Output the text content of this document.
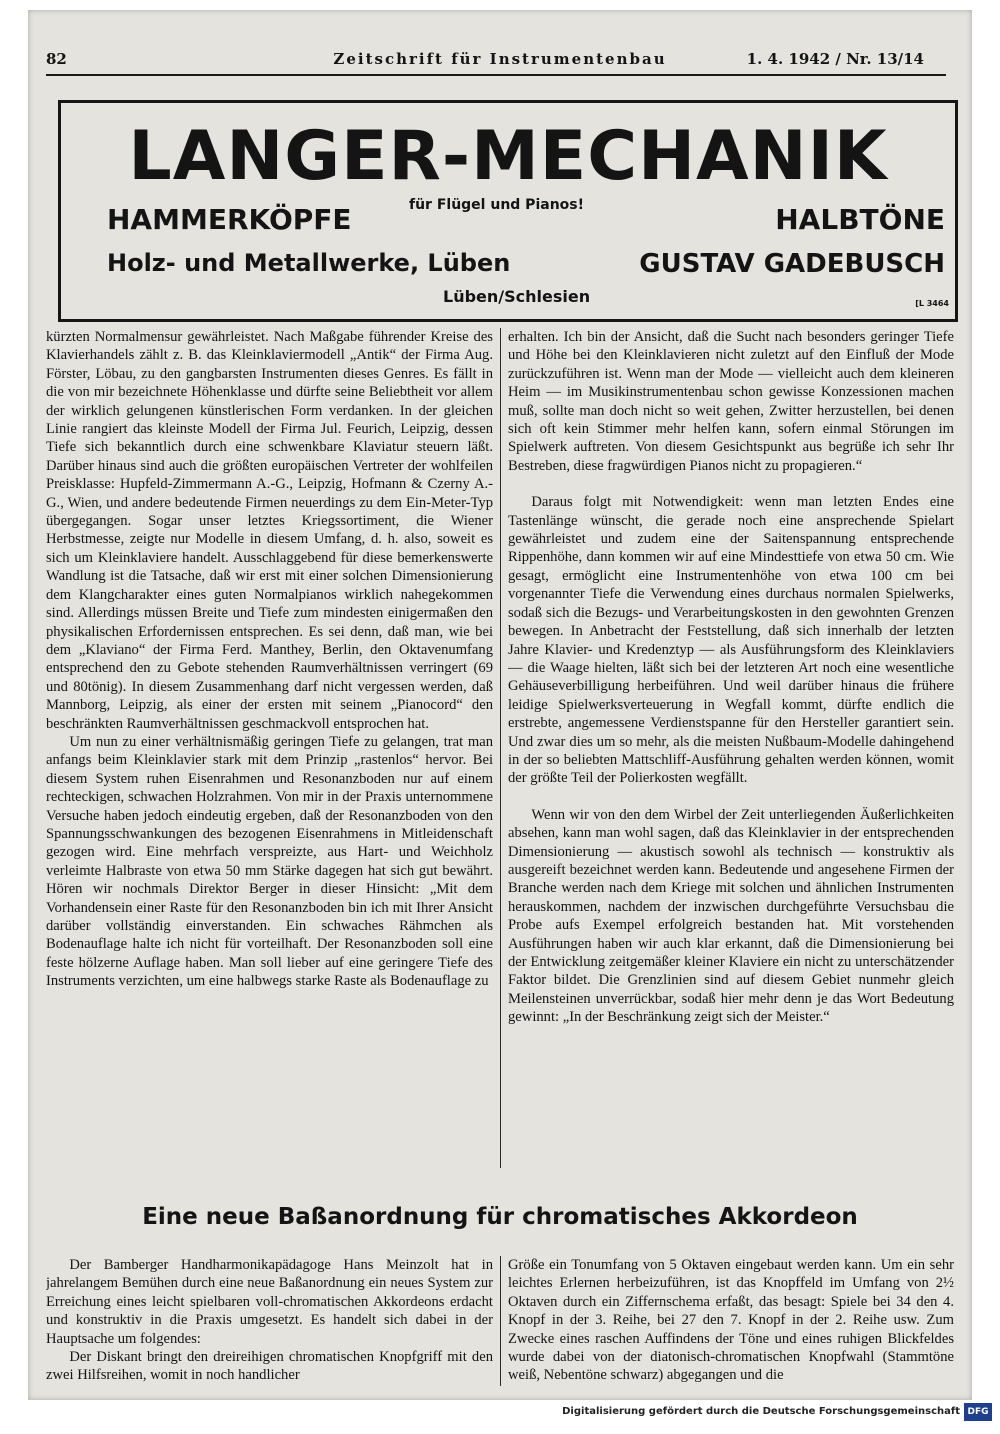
82	Zeitschrift für Instrumentenbau	1. 4. 1942 / Nr. 13/14
LANGER-MECHANIK
für Flügel und Pianos!
HAMMERKÖPFE	HALBTÖNE
Holz- und Metallwerke, Lüben	GUSTAV GADEBUSCH
Lüben/Schlesien	[L 3464

kürzten Normalmensur gewährleistet. Nach Maßgabe führender Kreise des Klavierhandels zählt z. B. das Kleinklaviermodell „Antik“ der Firma Aug. Förster, Löbau, zu den gangbarsten Instrumenten dieses Genres. Es fällt in die von mir bezeichnete Höhenklasse und dürfte seine Beliebtheit vor allem der wirklich gelungenen künstlerischen Form verdanken. In der gleichen Linie rangiert das kleinste Modell der Firma Jul. Feurich, Leipzig, dessen Tiefe sich bekanntlich durch eine schwenkbare Klaviatur steuern läßt. Darüber hinaus sind auch die größten europäischen Vertreter der wohlfeilen Preisklasse: Hupfeld-Zimmermann A.-G., Leipzig, Hofmann & Czerny A.-G., Wien, und andere bedeutende Firmen neuerdings zu dem Ein-Meter-Typ übergegangen. Sogar unser letztes Kriegssortiment, die Wiener Herbstmesse, zeigte nur Modelle in diesem Umfang, d. h. also, soweit es sich um Kleinklaviere handelt. Ausschlaggebend für diese bemerkenswerte Wandlung ist die Tatsache, daß wir erst mit einer solchen Dimensionierung dem Klangcharakter eines guten Normalpianos wirklich nahegekommen sind. Allerdings müssen Breite und Tiefe zum mindesten einigermaßen den physikalischen Erfordernissen entsprechen. Es sei denn, daß man, wie bei dem „Klaviano“ der Firma Ferd. Manthey, Berlin, den Oktavenumfang entsprechend den zu Gebote stehenden Raumverhältnissen verringert (69 und 80tönig). In diesem Zusammenhang darf nicht vergessen werden, daß Mannborg, Leipzig, als einer der ersten mit seinem „Pianocord“ den beschränkten Raumverhältnissen geschmackvoll entsprochen hat.

Um nun zu einer verhältnismäßig geringen Tiefe zu gelangen, trat man anfangs beim Kleinklavier stark mit dem Prinzip „rastenlos“ hervor. Bei diesem System ruhen Eisenrahmen und Resonanzboden nur auf einem rechteckigen, schwachen Holzrahmen. Von mir in der Praxis unternommene Versuche haben jedoch eindeutig ergeben, daß der Resonanzboden von den Spannungsschwankungen des bezogenen Eisenrahmens in Mitleidenschaft gezogen wird. Eine mehrfach verspreizte, aus Hart- und Weichholz verleimte Halbraste von etwa 50 mm Stärke dagegen hat sich gut bewährt. Hören wir nochmals Direktor Berger in dieser Hinsicht: „Mit dem Vorhandensein einer Raste für den Resonanzboden bin ich mit Ihrer Ansicht darüber vollständig einverstanden. Ein schwaches Rähmchen als Bodenauflage halte ich nicht für vorteilhaft. Der Resonanzboden soll eine feste hölzerne Auflage haben. Man soll lieber auf eine geringere Tiefe des Instruments verzichten, um eine halbwegs starke Raste als Bodenauflage zu

erhalten. Ich bin der Ansicht, daß die Sucht nach besonders geringer Tiefe und Höhe bei den Kleinklavieren nicht zuletzt auf den Einfluß der Mode zurückzuführen ist. Wenn man der Mode — vielleicht auch dem kleineren Heim — im Musikinstrumentenbau schon gewisse Konzessionen machen muß, sollte man doch nicht so weit gehen, Zwitter herzustellen, bei denen sich oft kein Stimmer mehr helfen kann, sofern einmal Störungen im Spielwerk auftreten. Von diesem Gesichtspunkt aus begrüße ich sehr Ihr Bestreben, diese fragwürdigen Pianos nicht zu propagieren.“

Daraus folgt mit Notwendigkeit: wenn man letzten Endes eine Tastenlänge wünscht, die gerade noch eine ansprechende Spielart gewährleistet und zudem eine der Saitenspannung entsprechende Rippenhöhe, dann kommen wir auf eine Mindesttiefe von etwa 50 cm. Wie gesagt, ermöglicht eine Instrumentenhöhe von etwa 100 cm bei vorgenannter Tiefe die Verwendung eines durchaus normalen Spielwerks, sodaß sich die Bezugs- und Verarbeitungskosten in den gewohnten Grenzen bewegen. In Anbetracht der Feststellung, daß sich innerhalb der letzten Jahre Klavier- und Kredenztyp — als Ausführungsform des Kleinklaviers — die Waage hielten, läßt sich bei der letzteren Art noch eine wesentliche Gehäuseverbilligung herbeiführen. Und weil darüber hinaus die frühere leidige Spielwerksverteuerung in Wegfall kommt, dürfte endlich die erstrebte, angemessene Verdienstspanne für den Hersteller garantiert sein. Und zwar dies um so mehr, als die meisten Nußbaum-Modelle dahingehend in der so beliebten Mattschliff-Ausführung gehalten werden können, womit der größte Teil der Polierkosten wegfällt.

Wenn wir von den dem Wirbel der Zeit unterliegenden Äußerlichkeiten absehen, kann man wohl sagen, daß das Kleinklavier in der entsprechenden Dimensionierung — akustisch sowohl als technisch — konstruktiv als ausgereift bezeichnet werden kann. Bedeutende und angesehene Firmen der Branche werden nach dem Kriege mit solchen und ähnlichen Instrumenten herauskommen, nachdem der inzwischen durchgeführte Versuchsbau die Probe aufs Exempel erfolgreich bestanden hat. Mit vorstehenden Ausführungen haben wir auch klar erkannt, daß die Dimensionierung bei der Entwicklung zeitgemäßer kleiner Klaviere ein nicht zu unterschätzender Faktor bildet. Die Grenzlinien sind auf diesem Gebiet nunmehr gleich Meilensteinen unverrückbar, sodaß hier mehr denn je das Wort Bedeutung gewinnt: „In der Beschränkung zeigt sich der Meister.“

Eine neue Baßanordnung für chromatisches Akkordeon

Der Bamberger Handharmonikapädagoge Hans Meinzolt hat in jahrelangem Bemühen durch eine neue Baßanordnung ein neues System zur Erreichung eines leicht spielbaren voll-chromatischen Akkordeons erdacht und konstruktiv in die Praxis umgesetzt. Es handelt sich dabei in der Hauptsache um folgendes:

Der Diskant bringt den dreireihigen chromatischen Knopfgriff mit den zwei Hilfsreihen, womit in noch handlicher

Größe ein Tonumfang von 5 Oktaven eingebaut werden kann. Um ein sehr leichtes Erlernen herbeizuführen, ist das Knopffeld im Umfang von 2½ Oktaven durch ein Ziffernschema erfaßt, das besagt: Spiele bei 34 den 4. Knopf in der 3. Reihe, bei 27 den 7. Knopf in der 2. Reihe usw. Zum Zwecke eines raschen Auffindens der Töne und eines ruhigen Blickfeldes wurde dabei von der diatonisch-chromatischen Knopfwahl (Stammtöne weiß, Nebentöne schwarz) abgegangen und die

Digitalisierung gefördert durch die Deutsche Forschungsgemeinschaft DFG
